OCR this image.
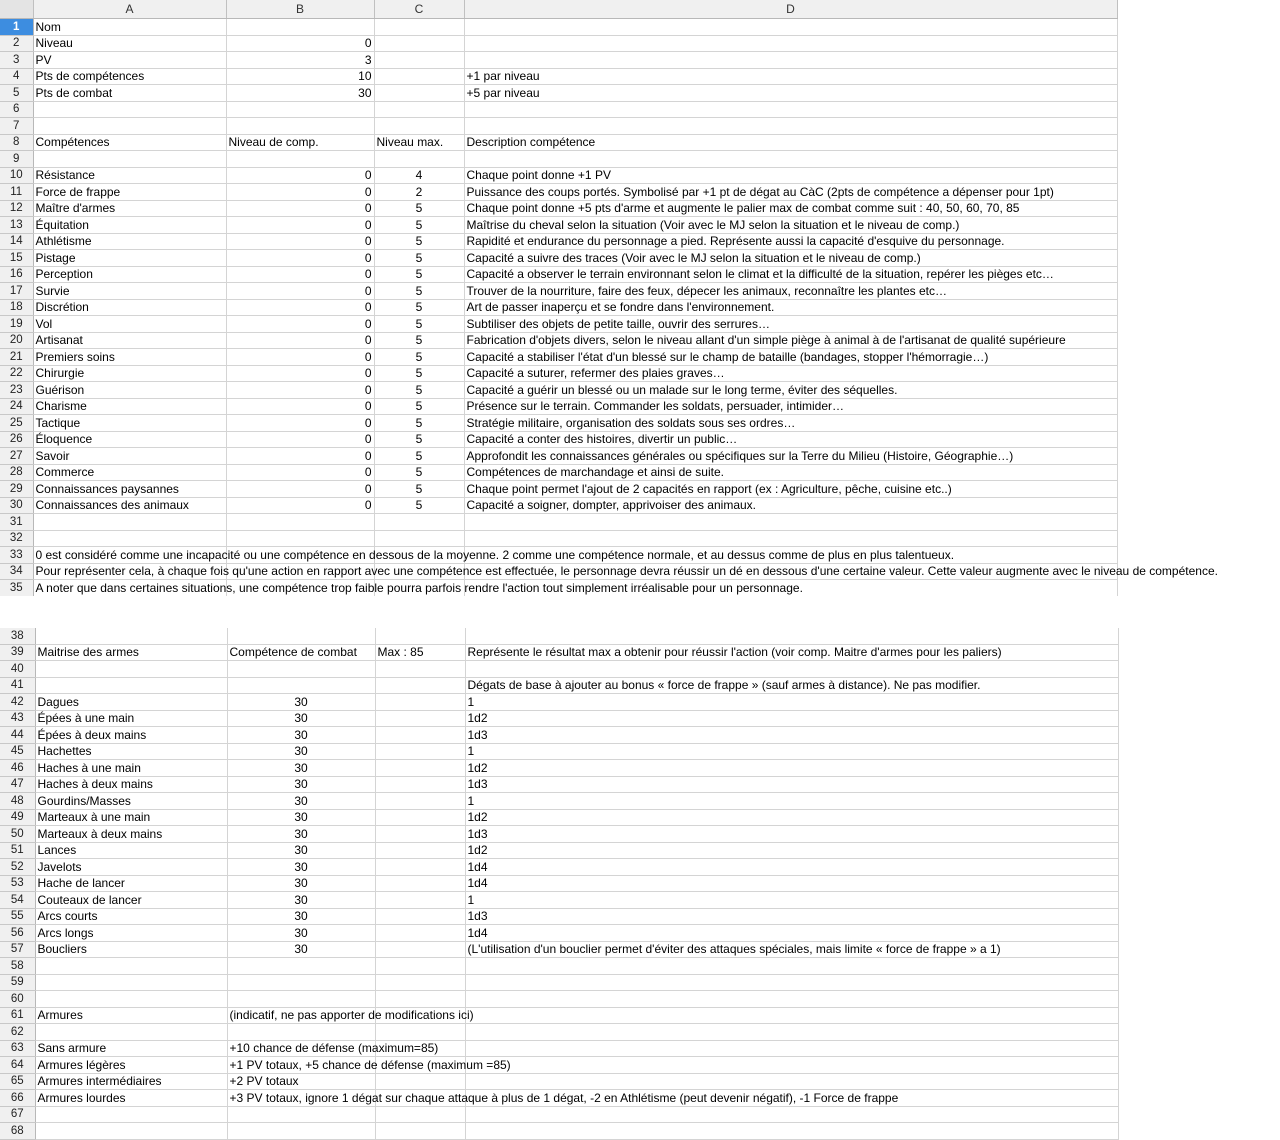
	A	B	C	D
1	Nom			
2	Niveau	0		
3	PV	3		
4	Pts de compétences	10		+1 par niveau
5	Pts de combat	30		+5 par niveau
6				
7				
8	Compétences	Niveau de comp.	Niveau max.	Description compétence
9				
10	Résistance	0	4	Chaque point donne +1 PV
11	Force de frappe	0	2	Puissance des coups portés. Symbolisé par +1 pt de dégat au CàC (2pts de compétence a dépenser pour 1pt)
12	Maître d'armes	0	5	Chaque point donne +5 pts d'arme et augmente le palier max de combat comme suit : 40, 50, 60, 70, 85
13	Équitation	0	5	Maîtrise du cheval selon la situation (Voir avec le MJ selon la situation et le niveau de comp.)
14	Athlétisme	0	5	Rapidité et endurance du personnage a pied. Représente aussi la capacité d'esquive du personnage.
15	Pistage	0	5	Capacité a suivre des traces (Voir avec le MJ selon la situation et le niveau de comp.)
16	Perception	0	5	Capacité a observer le terrain environnant selon le climat et la difficulté de la situation, repérer les pièges etc…
17	Survie	0	5	Trouver de la nourriture, faire des feux, dépecer les animaux, reconnaître les plantes etc…
18	Discrétion	0	5	Art de passer inaperçu et se fondre dans l'environnement.
19	Vol	0	5	Subtiliser des objets de petite taille, ouvrir des serrures…
20	Artisanat	0	5	Fabrication d'objets divers, selon le niveau allant d'un simple piège à animal à de l'artisanat de qualité supérieure
21	Premiers soins	0	5	Capacité a stabiliser l'état d'un blessé sur le champ de bataille (bandages, stopper l'hémorragie…)
22	Chirurgie	0	5	Capacité a suturer, refermer des plaies graves…
23	Guérison	0	5	Capacité a guérir un blessé ou un malade sur le long terme, éviter des séquelles.
24	Charisme	0	5	Présence sur le terrain. Commander les soldats, persuader, intimider…
25	Tactique	0	5	Stratégie militaire, organisation des soldats sous ses ordres…
26	Éloquence	0	5	Capacité a conter des histoires, divertir un public…
27	Savoir	0	5	Approfondit les connaissances générales ou spécifiques sur la Terre du Milieu (Histoire, Géographie…)
28	Commerce	0	5	Compétences de marchandage et ainsi de suite.
29	Connaissances paysannes	0	5	Chaque point permet l'ajout de 2 capacités en rapport (ex : Agriculture, pêche, cuisine etc..)
30	Connaissances des animaux	0	5	Capacité a soigner, dompter, apprivoiser des animaux.
31				
32				
33	0 est considéré comme une incapacité ou une compétence en dessous de la moyenne. 2 comme une compétence normale, et au dessus comme de plus en plus talentueux.			
34	Pour représenter cela, à chaque fois qu'une action en rapport avec une compétence est effectuée, le personnage devra réussir un dé en dessous d'une certaine valeur. Cette valeur augmente avec le niveau de compétence.			
35	A noter que dans certaines situations, une compétence trop faible pourra parfois rendre l'action tout simplement irréalisable pour un personnage.			
38				
39	Maitrise des armes	Compétence de combat	Max : 85	Représente le résultat max a obtenir pour réussir l'action (voir comp. Maitre d'armes pour les paliers)
40				
41				Dégats de base à ajouter au bonus « force de frappe » (sauf armes à distance). Ne pas modifier.
42	Dagues	30		1
43	Épées à une main	30		1d2
44	Épées à deux mains	30		1d3
45	Hachettes	30		1
46	Haches à une main	30		1d2
47	Haches à deux mains	30		1d3
48	Gourdins/Masses	30		1
49	Marteaux à une main	30		1d2
50	Marteaux à deux mains	30		1d3
51	Lances	30		1d2
52	Javelots	30		1d4
53	Hache de lancer	30		1d4
54	Couteaux de lancer	30		1
55	Arcs courts	30		1d3
56	Arcs longs	30		1d4
57	Boucliers	30		(L'utilisation d'un bouclier permet d'éviter des attaques spéciales, mais limite « force de frappe » a 1)
58				
59				
60				
61	Armures	(indicatif, ne pas apporter de modifications ici)		
62				
63	Sans armure	+10 chance de défense (maximum=85)		
64	Armures légères	+1 PV totaux, +5 chance de défense (maximum =85)		
65	Armures intermédiaires	+2 PV totaux		
66	Armures lourdes	+3 PV totaux, ignore 1 dégat sur chaque attaque à plus de 1 dégat, -2 en Athlétisme (peut devenir négatif), -1 Force de frappe		
67				
68				
